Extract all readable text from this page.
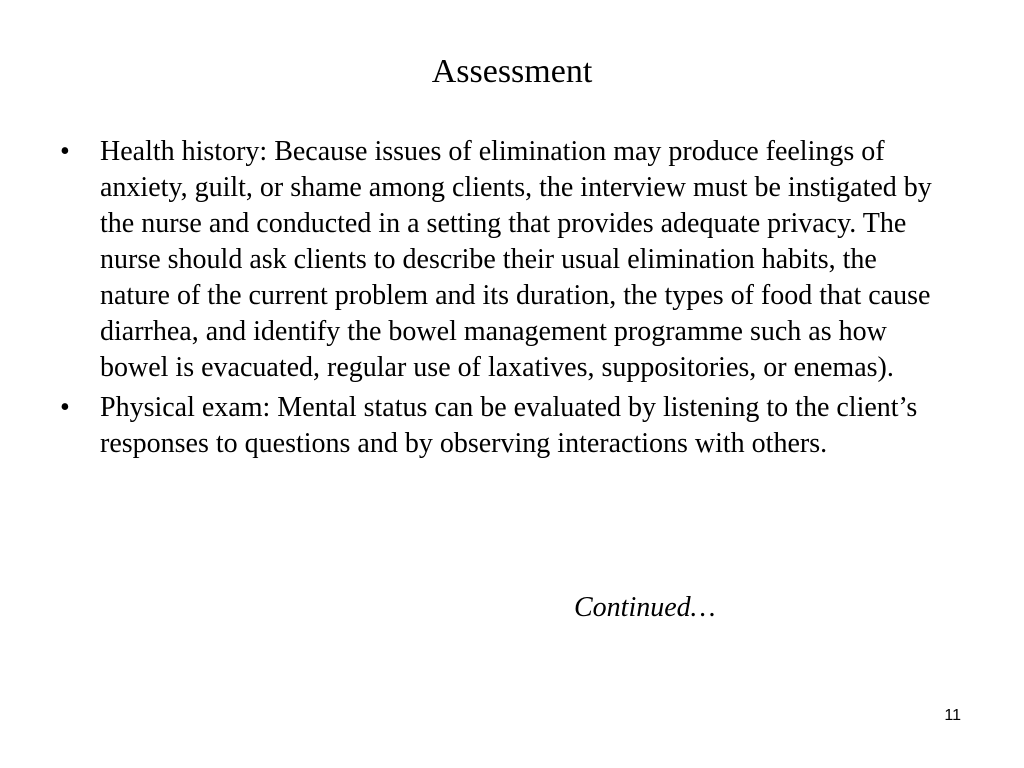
Assessment
•	Health history: Because issues of elimination may produce feelings of anxiety, guilt, or shame among clients, the interview must be instigated by the nurse and conducted in a setting that provides adequate privacy. The nurse should ask clients to describe their usual elimination habits, the nature of the current problem and its duration, the types of food that cause diarrhea, and identify the bowel management programme such as how bowel is evacuated, regular use of laxatives, suppositories, or enemas).
•	Physical exam: Mental status can be evaluated by listening to the client’s responses to questions and by observing interactions with others.
Continued…
11
